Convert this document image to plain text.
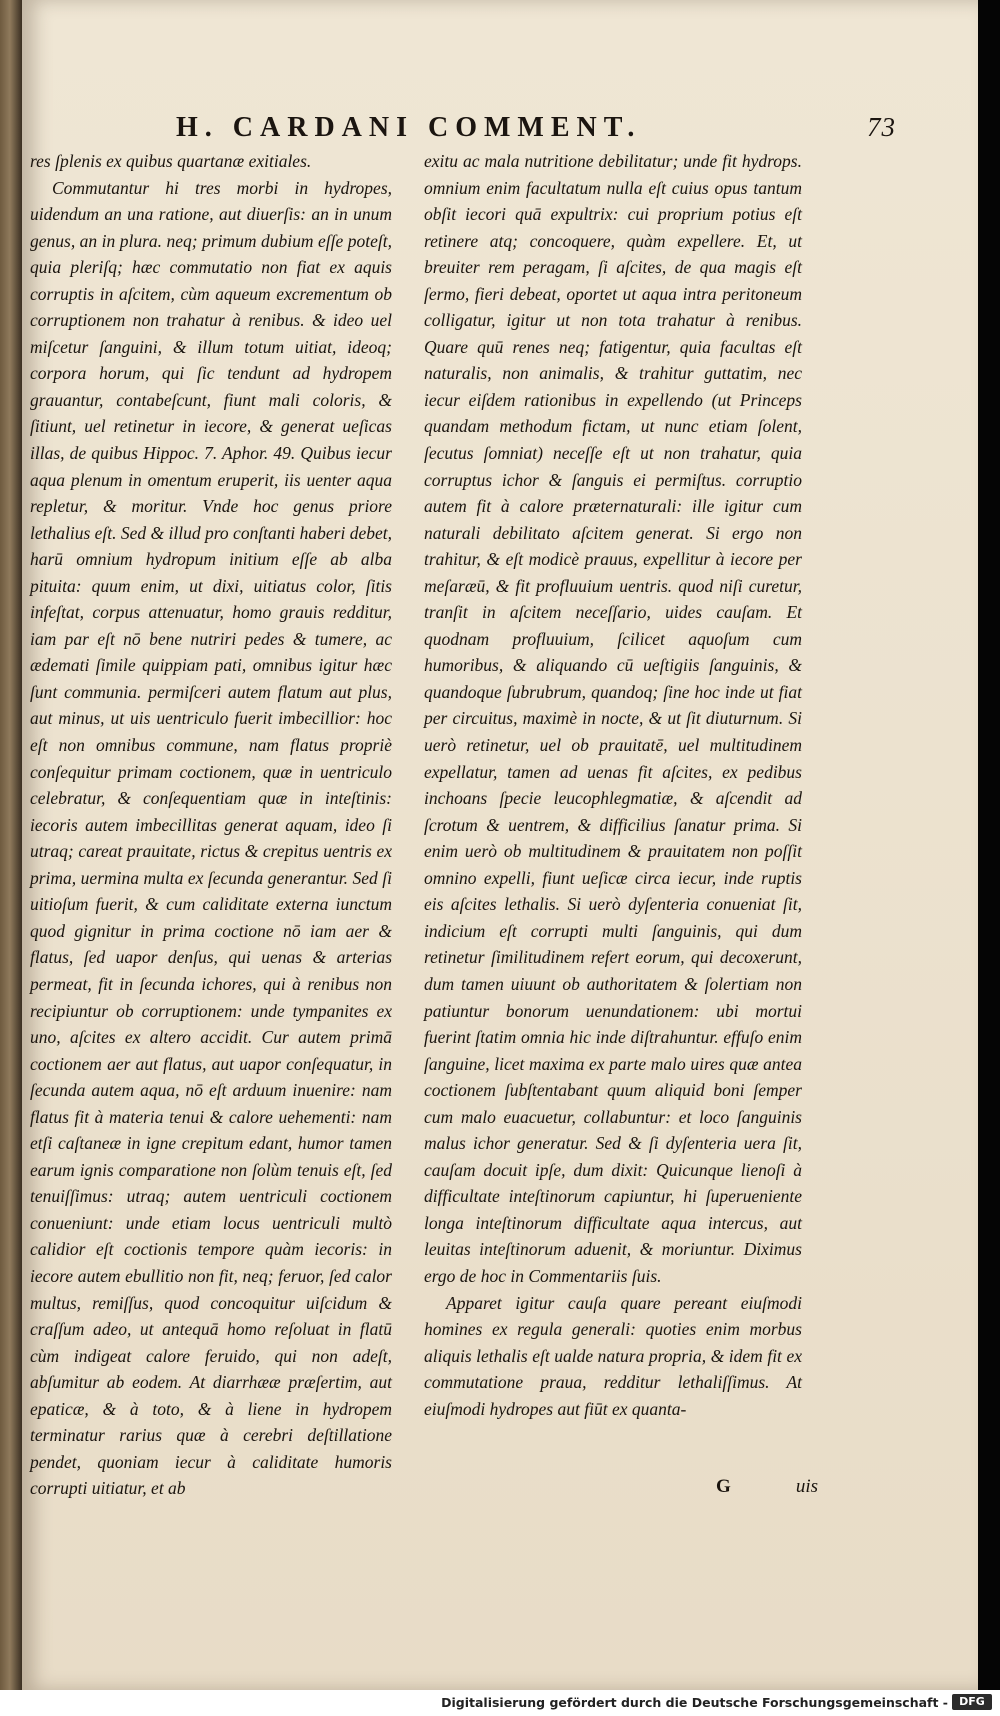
H. CARDANI COMMENT.	73

res ſplenis ex quibus quartanæ exitiales.

Commutantur hi tres morbi in hydropes, uidendum an una ratione, aut diuerſis: an in unum genus, an in plura. neq; primum dubium eſſe poteſt, quia pleriſq; hæc commutatio non fiat ex aquis corruptis in aſcitem, cùm aqueum excrementum ob corruptionem non trahatur à renibus. & ideo uel miſcetur ſanguini, & illum totum uitiat, ideoq; corpora horum, qui ſic tendunt ad hydropem grauantur, contabeſcunt, fiunt mali coloris, & ſitiunt, uel retinetur in iecore, & generat ueſicas illas, de quibus Hippoc. 7. Aphor. 49. Quibus iecur aqua plenum in omentum eruperit, iis uenter aqua repletur, & moritur. Vnde hoc genus priore lethalius eſt. Sed & illud pro conſtanti haberi debet, harū omnium hydropum initium eſſe ab alba pituita: quum enim, ut dixi, uitiatus color, ſitis infeſtat, corpus attenuatur, homo grauis redditur, iam par eſt nō bene nutriri pedes & tumere, ac ædemati ſimile quippiam pati, omnibus igitur hæc ſunt communia. permiſceri autem flatum aut plus, aut minus, ut uis uentriculo fuerit imbecillior: hoc eſt non omnibus commune, nam flatus propriè conſequitur primam coctionem, quæ in uentriculo celebratur, & conſequentiam quæ in inteſtinis: iecoris autem imbecillitas generat aquam, ideo ſi utraq; careat prauitate, rictus & crepitus uentris ex prima, uermina multa ex ſecunda generantur. Sed ſi uitioſum fuerit, & cum caliditate externa iunctum quod gignitur in prima coctione nō iam aer & flatus, ſed uapor denſus, qui uenas & arterias permeat, fit in ſecunda ichores, qui à renibus non recipiuntur ob corruptionem: unde tympanites ex uno, aſcites ex altero accidit. Cur autem primā coctionem aer aut flatus, aut uapor conſequatur, in ſecunda autem aqua, nō eſt arduum inuenire: nam flatus fit à materia tenui & calore uehementi: nam etſi caſtaneæ in igne crepitum edant, humor tamen earum ignis comparatione non ſolùm tenuis eſt, ſed tenuiſſimus: utraq; autem uentriculi coctionem conueniunt: unde etiam locus uentriculi multò calidior eſt coctionis tempore quàm iecoris: in iecore autem ebullitio non fit, neq; feruor, ſed calor multus, remiſſus, quod concoquitur uiſcidum & craſſum adeo, ut antequā homo reſoluat in flatū cùm indigeat calore feruido, qui non adeſt, abſumitur ab eodem. At diarrhææ præſertim, aut epaticæ, & à toto, & à liene in hydropem terminatur rarius quæ à cerebri deſtillatione pendet, quoniam iecur à caliditate humoris corrupti uitiatur, et ab

exitu ac mala nutritione debilitatur; unde fit hydrops. omnium enim facultatum nulla eſt cuius opus tantum obſit iecori quā expultrix: cui proprium potius eſt retinere atq; concoquere, quàm expellere. Et, ut breuiter rem peragam, ſi aſcites, de qua magis eſt ſermo, fieri debeat, oportet ut aqua intra peritoneum colligatur, igitur ut non tota trahatur à renibus. Quare quū renes neq; fatigentur, quia facultas eſt naturalis, non animalis, & trahitur guttatim, nec iecur eiſdem rationibus in expellendo (ut Princeps quandam methodum fictam, ut nunc etiam ſolent, ſecutus ſomniat) neceſſe eſt ut non trahatur, quia corruptus ichor & ſanguis ei permiſtus. corruptio autem fit à calore præternaturali: ille igitur cum naturali debilitato aſcitem generat. Si ergo non trahitur, & eſt modicè prauus, expellitur à iecore per meſaræū, & fit profluuium uentris. quod niſi curetur, tranſit in aſcitem neceſſario, uides cauſam. Et quodnam profluuium, ſcilicet aquoſum cum humoribus, & aliquando cū ueſtigiis ſanguinis, & quandoque ſubrubrum, quandoq; ſine hoc inde ut fiat per circuitus, maximè in nocte, & ut ſit diuturnum. Si uerò retinetur, uel ob prauitatē, uel multitudinem expellatur, tamen ad uenas fit aſcites, ex pedibus inchoans ſpecie leucophlegmatiæ, & aſcendit ad ſcrotum & uentrem, & difficilius ſanatur prima. Si enim uerò ob multitudinem & prauitatem non poſſit omnino expelli, fiunt ueſicæ circa iecur, inde ruptis eis aſcites lethalis. Si uerò dyſenteria conueniat ſit, indicium eſt corrupti multi ſanguinis, qui dum retinetur ſimilitudinem refert eorum, qui decoxerunt, dum tamen uiuunt ob authoritatem & ſolertiam non patiuntur bonorum uenundationem: ubi mortui fuerint ſtatim omnia hic inde diſtrahuntur. effuſo enim ſanguine, licet maxima ex parte malo uires quæ antea coctionem ſubſtentabant quum aliquid boni ſemper cum malo euacuetur, collabuntur: et loco ſanguinis malus ichor generatur. Sed & ſi dyſenteria uera ſit, cauſam docuit ipſe, dum dixit: Quicunque lienoſi à difficultate inteſtinorum capiuntur, hi ſuperueniente longa inteſtinorum difficultate aqua intercus, aut leuitas inteſtinorum aduenit, & moriuntur. Diximus ergo de hoc in Commentariis ſuis.

Apparet igitur cauſa quare pereant eiuſmodi homines ex regula generali: quoties enim morbus aliquis lethalis eſt ualde natura propria, & idem fit ex commutatione praua, redditur lethaliſſimus. At eiuſmodi hydropes aut fiūt ex quanta-

G	uis
Digitalisierung gefördert durch die Deutsche Forschungsgemeinschaft -	DFG
